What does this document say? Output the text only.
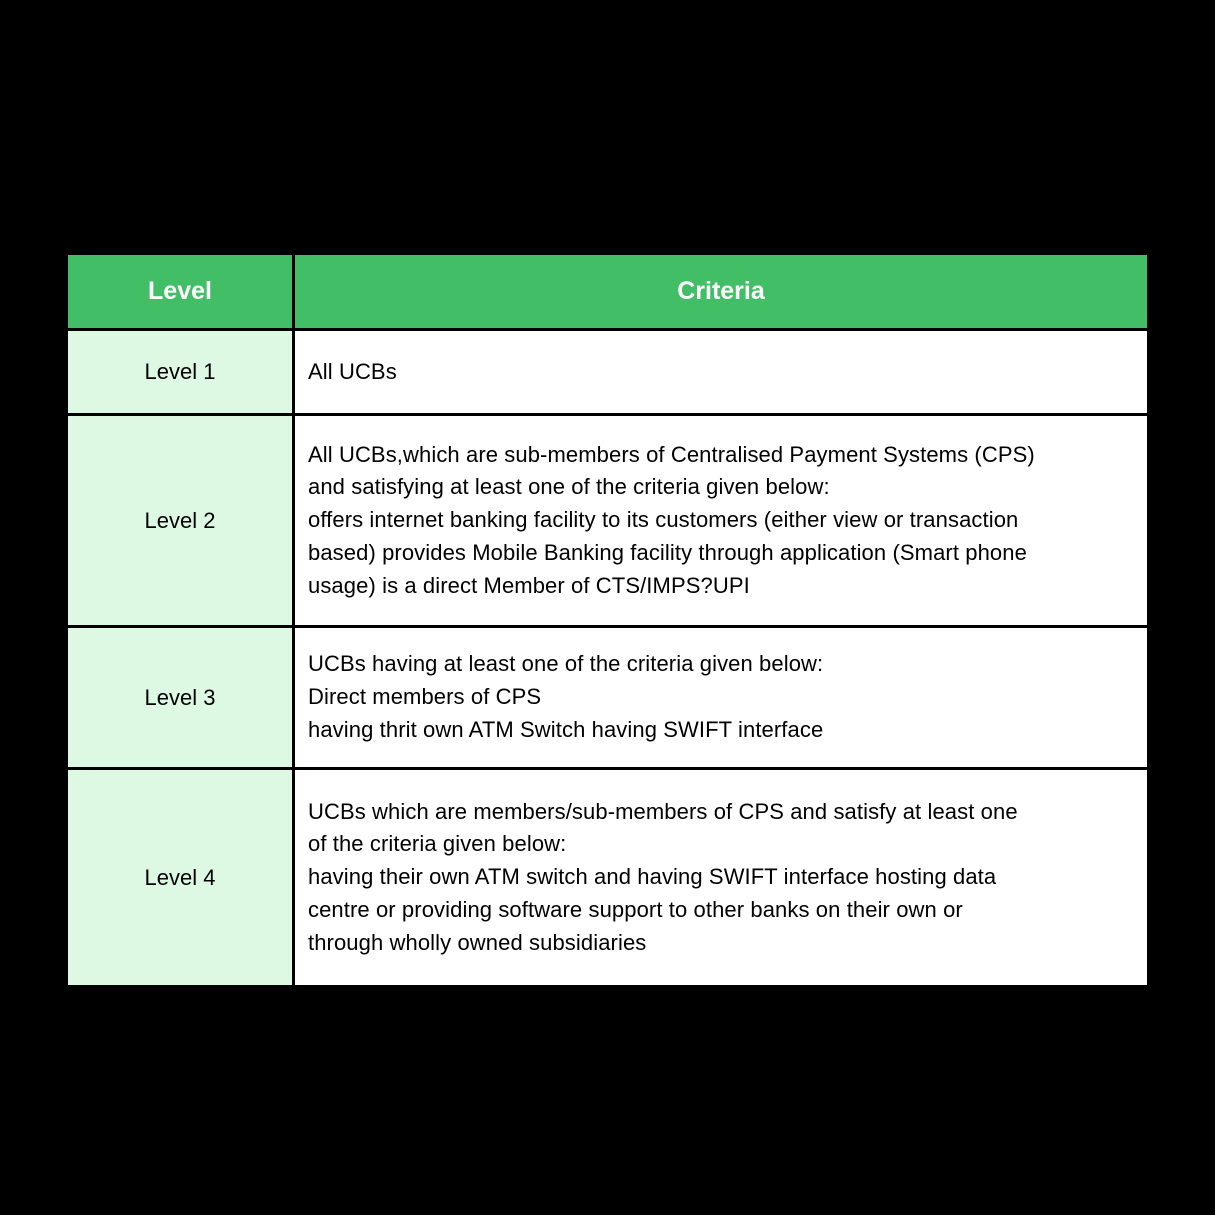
Level	Criteria
Level 1	All UCBs

Level 2	All UCBs,which are sub-members of Centralised Payment Systems (CPS)
and satisfying at least one of the criteria given below:
offers internet banking facility to its customers (either view or transaction
based) provides Mobile Banking facility through application (Smart phone
usage) is a direct Member of CTS/IMPS?UPI

Level 3	UCBs having at least one of the criteria given below:
Direct members of CPS
having thrit own ATM Switch having SWIFT interface

Level 4	UCBs which are members/sub-members of CPS and satisfy at least one
of the criteria given below:
having their own ATM switch and having SWIFT interface hosting data
centre or providing software support to other banks on their own or
through wholly owned subsidiaries
